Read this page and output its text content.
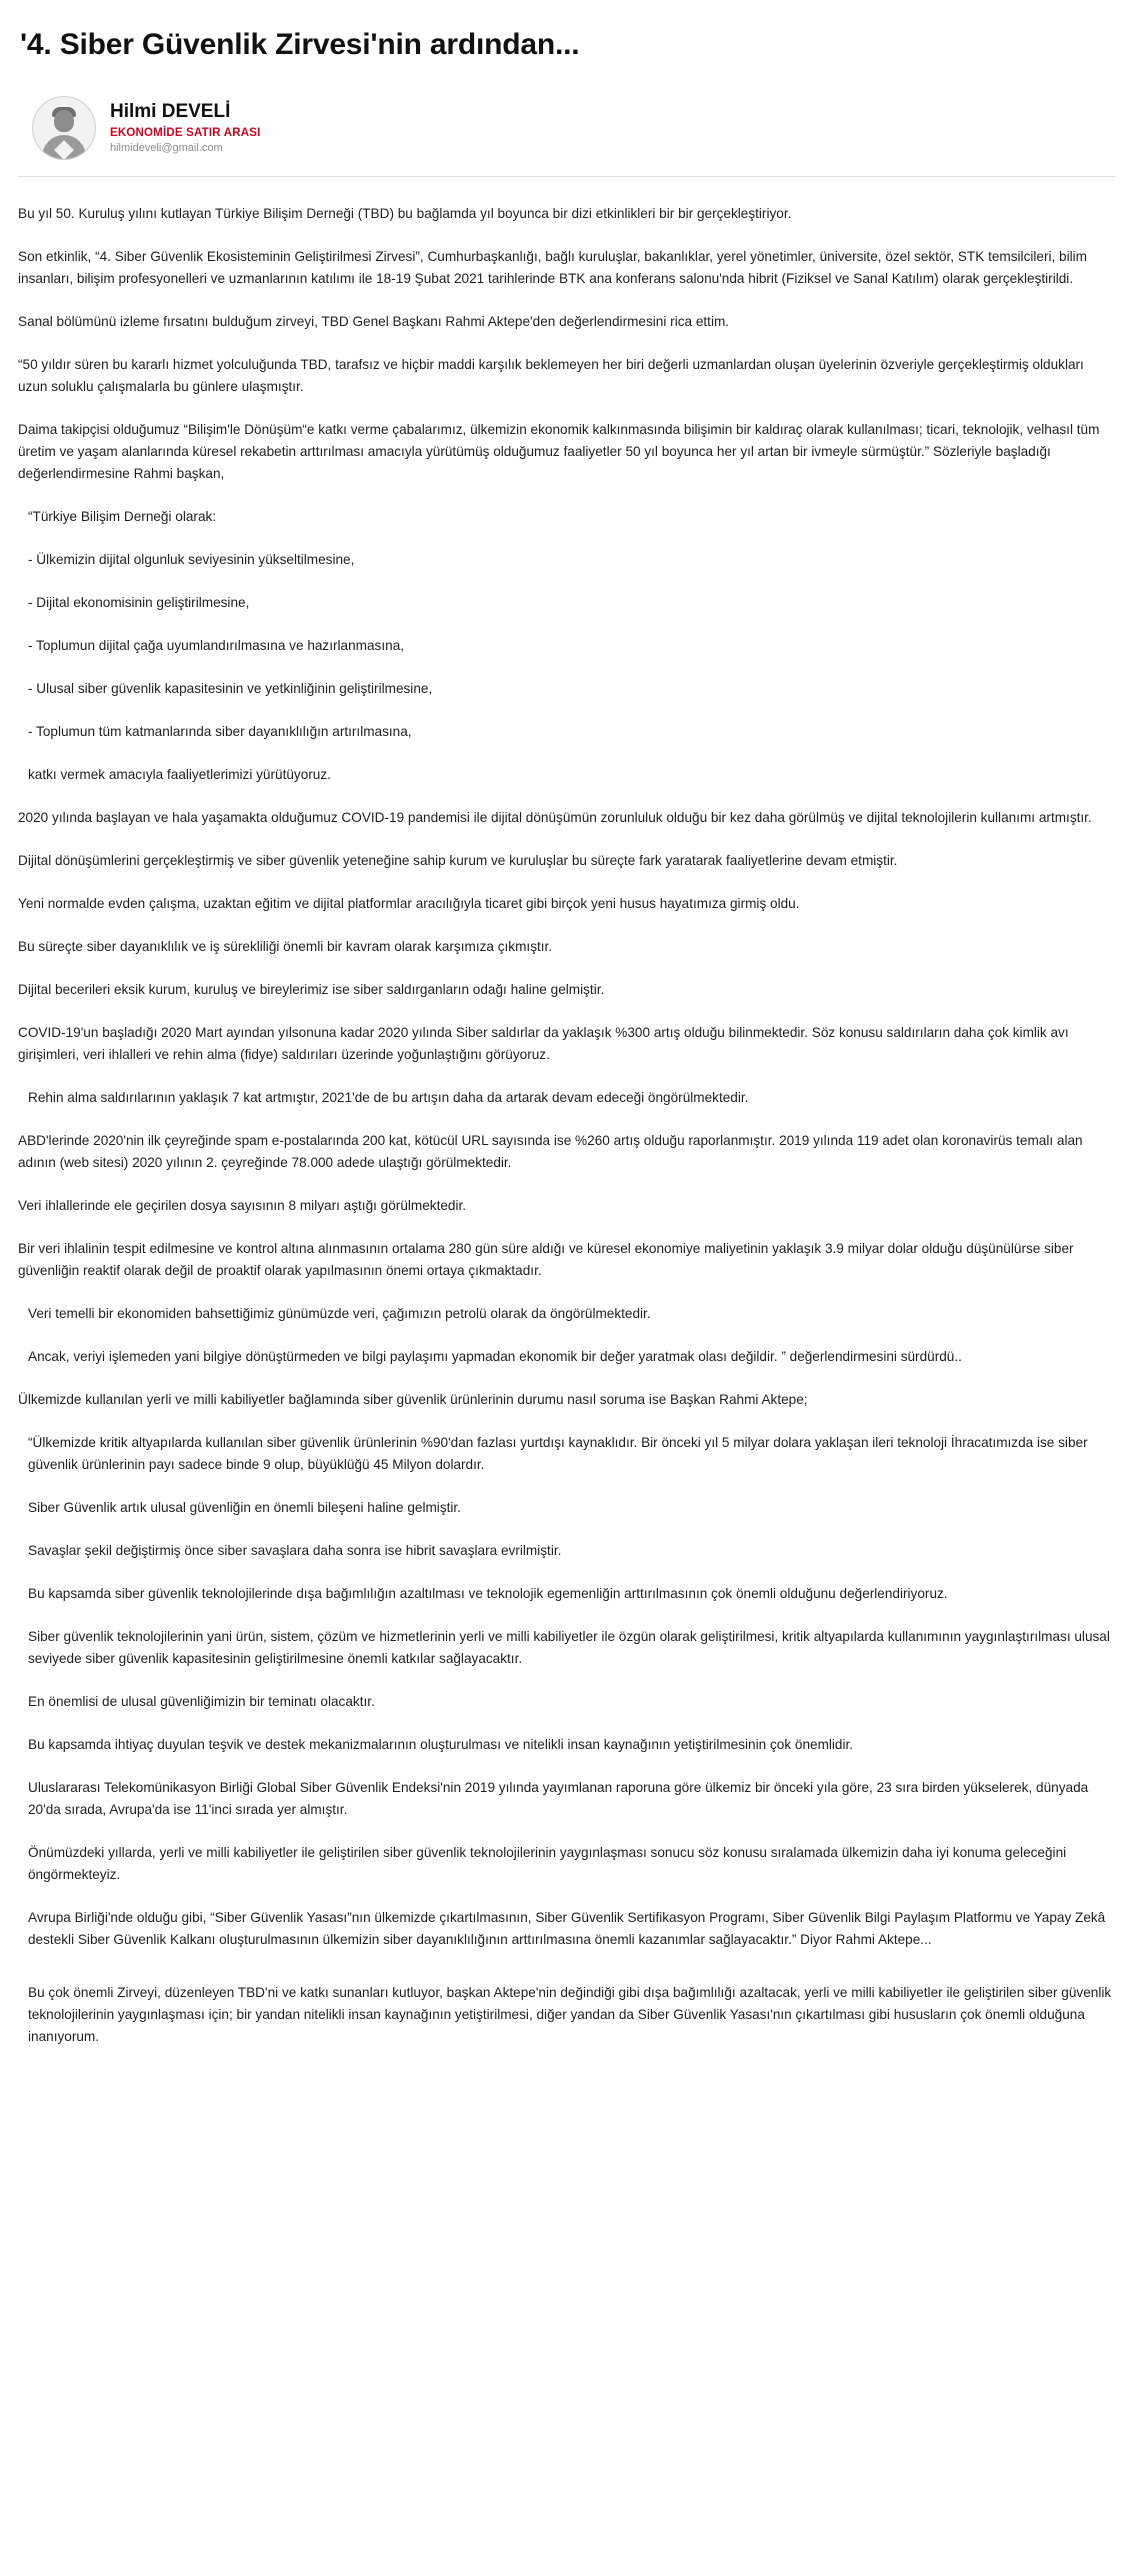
'4. Siber Güvenlik Zirvesi'nin ardından...
Hilmi DEVELİ
EKONOMİDE SATIR ARASI
hilmideveli@gmail.com

Bu yıl 50. Kuruluş yılını kutlayan Türkiye Bilişim Derneği (TBD) bu bağlamda yıl boyunca bir dizi etkinlikleri bir bir gerçekleştiriyor.

Son etkinlik, “4. Siber Güvenlik Ekosisteminin Geliştirilmesi Zirvesi”, Cumhurbaşkanlığı, bağlı kuruluşlar, bakanlıklar, yerel yönetimler, üniversite, özel sektör, STK temsilcileri, bilim insanları, bilişim profesyonelleri ve uzmanlarının katılımı ile 18-19 Şubat 2021 tarihlerinde BTK ana konferans salonu'nda hibrit (Fiziksel ve Sanal Katılım) olarak gerçekleştirildi.

Sanal bölümünü izleme fırsatını bulduğum zirveyi, TBD Genel Başkanı Rahmi Aktepe'den değerlendirmesini rica ettim.

“50 yıldır süren bu kararlı hizmet yolculuğunda TBD, tarafsız ve hiçbir maddi karşılık beklemeyen her biri değerli uzmanlardan oluşan üyelerinin özveriyle gerçekleştirmiş oldukları uzun soluklu çalışmalarla bu günlere ulaşmıştır.

Daima takipçisi olduğumuz “Bilişim'le Dönüşüm“e katkı verme çabalarımız, ülkemizin ekonomik kalkınmasında bilişimin bir kaldıraç olarak kullanılması; ticari, teknolojik, velhasıl tüm üretim ve yaşam alanlarında küresel rekabetin arttırılması amacıyla yürütümüş olduğumuz faaliyetler 50 yıl boyunca her yıl artan bir ivmeyle sürmüştür.” Sözleriyle başladığı değerlendirmesine Rahmi başkan,

“Türkiye Bilişim Derneği olarak:

- Ülkemizin dijital olgunluk seviyesinin yükseltilmesine,

- Dijital ekonomisinin geliştirilmesine,

- Toplumun dijital çağa uyumlandırılmasına ve hazırlanmasına,

- Ulusal siber güvenlik kapasitesinin ve yetkinliğinin geliştirilmesine,

- Toplumun tüm katmanlarında siber dayanıklılığın artırılmasına,

katkı vermek amacıyla faaliyetlerimizi yürütüyoruz.

2020 yılında başlayan ve hala yaşamakta olduğumuz COVID-19 pandemisi ile dijital dönüşümün zorunluluk olduğu bir kez daha görülmüş ve dijital teknolojilerin kullanımı artmıştır.

Dijital dönüşümlerini gerçekleştirmiş ve siber güvenlik yeteneğine sahip kurum ve kuruluşlar bu süreçte fark yaratarak faaliyetlerine devam etmiştir.

Yeni normalde evden çalışma, uzaktan eğitim ve dijital platformlar aracılığıyla ticaret gibi birçok yeni husus hayatımıza girmiş oldu.

Bu süreçte siber dayanıklılık ve iş sürekliliği önemli bir kavram olarak karşımıza çıkmıştır.

Dijital becerileri eksik kurum, kuruluş ve bireylerimiz ise siber saldırganların odağı haline gelmiştir.

COVID-19'un başladığı 2020 Mart ayından yılsonuna kadar 2020 yılında Siber saldırlar da yaklaşık %300 artış olduğu bilinmektedir. Söz konusu saldırıların daha çok kimlik avı girişimleri, veri ihlalleri ve rehin alma (fidye) saldırıları üzerinde yoğunlaştığını görüyoruz.

Rehin alma saldırılarının yaklaşık 7 kat artmıştır, 2021'de de bu artışın daha da artarak devam edeceği öngörülmektedir.

ABD'lerinde 2020'nin ilk çeyreğinde spam e-postalarında 200 kat, kötücül URL sayısında ise %260 artış olduğu raporlanmıştır. 2019 yılında 119 adet olan koronavirüs temalı alan adının (web sitesi) 2020 yılının 2. çeyreğinde 78.000 adede ulaştığı görülmektedir.

Veri ihlallerinde ele geçirilen dosya sayısının 8 milyarı aştığı görülmektedir.

Bir veri ihlalinin tespit edilmesine ve kontrol altına alınmasının ortalama 280 gün süre aldığı ve küresel ekonomiye maliyetinin yaklaşık 3.9 milyar dolar olduğu düşünülürse siber güvenliğin reaktif olarak değil de proaktif olarak yapılmasının önemi ortaya çıkmaktadır.

Veri temelli bir ekonomiden bahsettiğimiz günümüzde veri, çağımızın petrolü olarak da öngörülmektedir.

Ancak, veriyi işlemeden yani bilgiye dönüştürmeden ve bilgi paylaşımı yapmadan ekonomik bir değer yaratmak olası değildir. ” değerlendirmesini sürdürdü..

Ülkemizde kullanılan yerli ve milli kabiliyetler bağlamında siber güvenlik ürünlerinin durumu nasıl soruma ise Başkan Rahmi Aktepe;

“Ülkemizde kritik altyapılarda kullanılan siber güvenlik ürünlerinin %90'dan fazlası yurtdışı kaynaklıdır. Bir önceki yıl 5 milyar dolara yaklaşan ileri teknoloji İhracatımızda ise siber güvenlik ürünlerinin payı sadece binde 9 olup, büyüklüğü 45 Milyon dolardır.

Siber Güvenlik artık ulusal güvenliğin en önemli bileşeni haline gelmiştir.

Savaşlar şekil değiştirmiş önce siber savaşlara daha sonra ise hibrit savaşlara evrilmiştir.

Bu kapsamda siber güvenlik teknolojilerinde dışa bağımlılığın azaltılması ve teknolojik egemenliğin arttırılmasının çok önemli olduğunu değerlendiriyoruz.

Siber güvenlik teknolojilerinin yani ürün, sistem, çözüm ve hizmetlerinin yerli ve milli kabiliyetler ile özgün olarak geliştirilmesi, kritik altyapılarda kullanımının yaygınlaştırılması ulusal seviyede siber güvenlik kapasitesinin geliştirilmesine önemli katkılar sağlayacaktır.

En önemlisi de ulusal güvenliğimizin bir teminatı olacaktır.

Bu kapsamda ihtiyaç duyulan teşvik ve destek mekanizmalarının oluşturulması ve nitelikli insan kaynağının yetiştirilmesinin çok önemlidir.

Uluslararası Telekomünikasyon Birliği Global Siber Güvenlik Endeksi'nin 2019 yılında yayımlanan raporuna göre ülkemiz bir önceki yıla göre, 23 sıra birden yükselerek, dünyada 20'da sırada, Avrupa'da ise 11'inci sırada yer almıştır.

Önümüzdeki yıllarda, yerli ve milli kabiliyetler ile geliştirilen siber güvenlik teknolojilerinin yaygınlaşması sonucu söz konusu sıralamada ülkemizin daha iyi konuma geleceğini öngörmekteyiz.

Avrupa Birliği'nde olduğu gibi, “Siber Güvenlik Yasası”nın ülkemizde çıkartılmasının, Siber Güvenlik Sertifikasyon Programı, Siber Güvenlik Bilgi Paylaşım Platformu ve Yapay Zekâ destekli Siber Güvenlik Kalkanı oluşturulmasının ülkemizin siber dayanıklılığının arttırılmasına önemli kazanımlar sağlayacaktır.” Diyor Rahmi Aktepe...

Bu çok önemli Zirveyi, düzenleyen TBD'ni ve katkı sunanları kutluyor, başkan Aktepe'nin değindiği gibi dışa bağımlılığı azaltacak, yerli ve milli kabiliyetler ile geliştirilen siber güvenlik teknolojilerinin yaygınlaşması için; bir yandan nitelikli insan kaynağının yetiştirilmesi, diğer yandan da Siber Güvenlik Yasası'nın çıkartılması gibi hususların çok önemli olduğuna inanıyorum.
